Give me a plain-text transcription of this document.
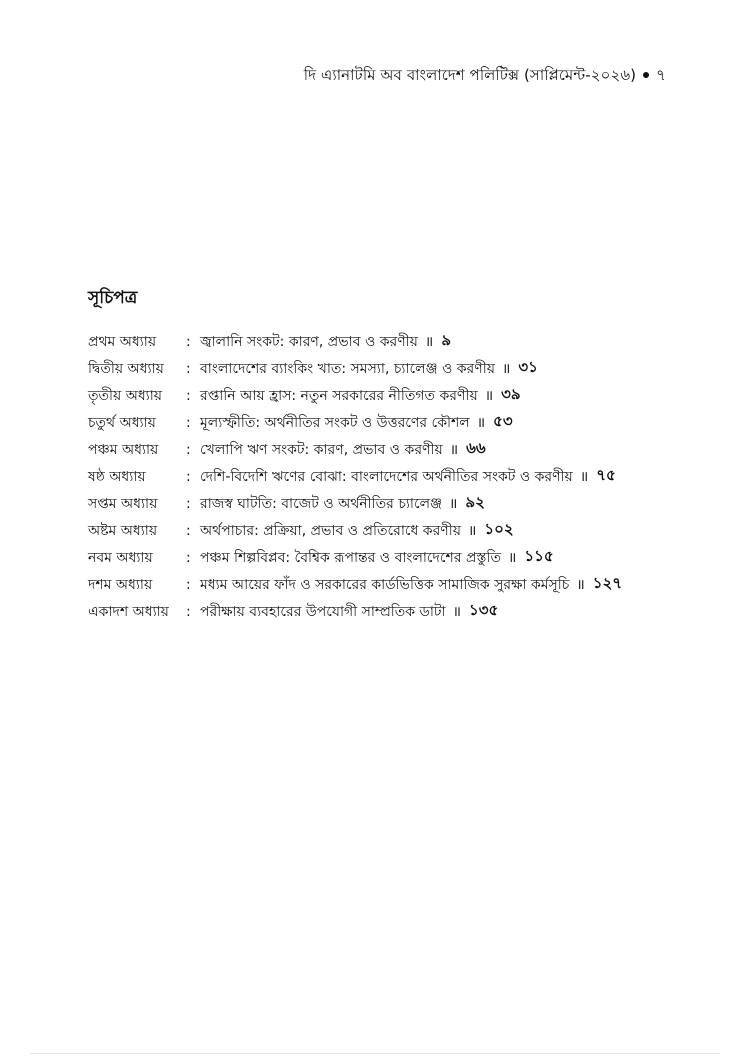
দি এ্যানাটমি অব বাংলাদেশ পলিটিক্স (সাপ্লিমেন্ট-২০২৬) ৭
সূচিপত্র
প্রথম অধ্যায়	: জ্বালানি সংকট: কারণ, প্রভাব ও করণীয় ॥ ৯
দ্বিতীয় অধ্যায়	: বাংলাদেশের ব্যাংকিং খাত: সমস্যা, চ্যালেঞ্জ ও করণীয় ॥ ৩১
তৃতীয় অধ্যায়	: রপ্তানি আয় হ্রাস: নতুন সরকারের নীতিগত করণীয় ॥ ৩৯
চতুর্থ অধ্যায়	: মূল্যস্ফীতি: অর্থনীতির সংকট ও উত্তরণের কৌশল ॥ ৫৩
পঞ্চম অধ্যায়	: খেলাপি ঋণ সংকট: কারণ, প্রভাব ও করণীয় ॥ ৬৬
ষষ্ঠ অধ্যায়	: দেশি-বিদেশি ঋণের বোঝা: বাংলাদেশের অর্থনীতির সংকট ও করণীয় ॥ ৭৫
সপ্তম অধ্যায়	: রাজস্ব ঘাটতি: বাজেট ও অর্থনীতির চ্যালেঞ্জ ॥ ৯২
অষ্টম অধ্যায়	: অর্থপাচার: প্রক্রিয়া, প্রভাব ও প্রতিরোধে করণীয় ॥ ১০২
নবম অধ্যায়	: পঞ্চম শিল্পবিপ্লব: বৈশ্বিক রূপান্তর ও বাংলাদেশের প্রস্তুতি ॥ ১১৫
দশম অধ্যায়	: মধ্যম আয়ের ফাঁদ ও সরকারের কার্ডভিত্তিক সামাজিক সুরক্ষা কর্মসূচি ॥ ১২৭
একাদশ অধ্যায়	: পরীক্ষায় ব্যবহারের উপযোগী সাম্প্রতিক ডাটা ॥ ১৩৫
